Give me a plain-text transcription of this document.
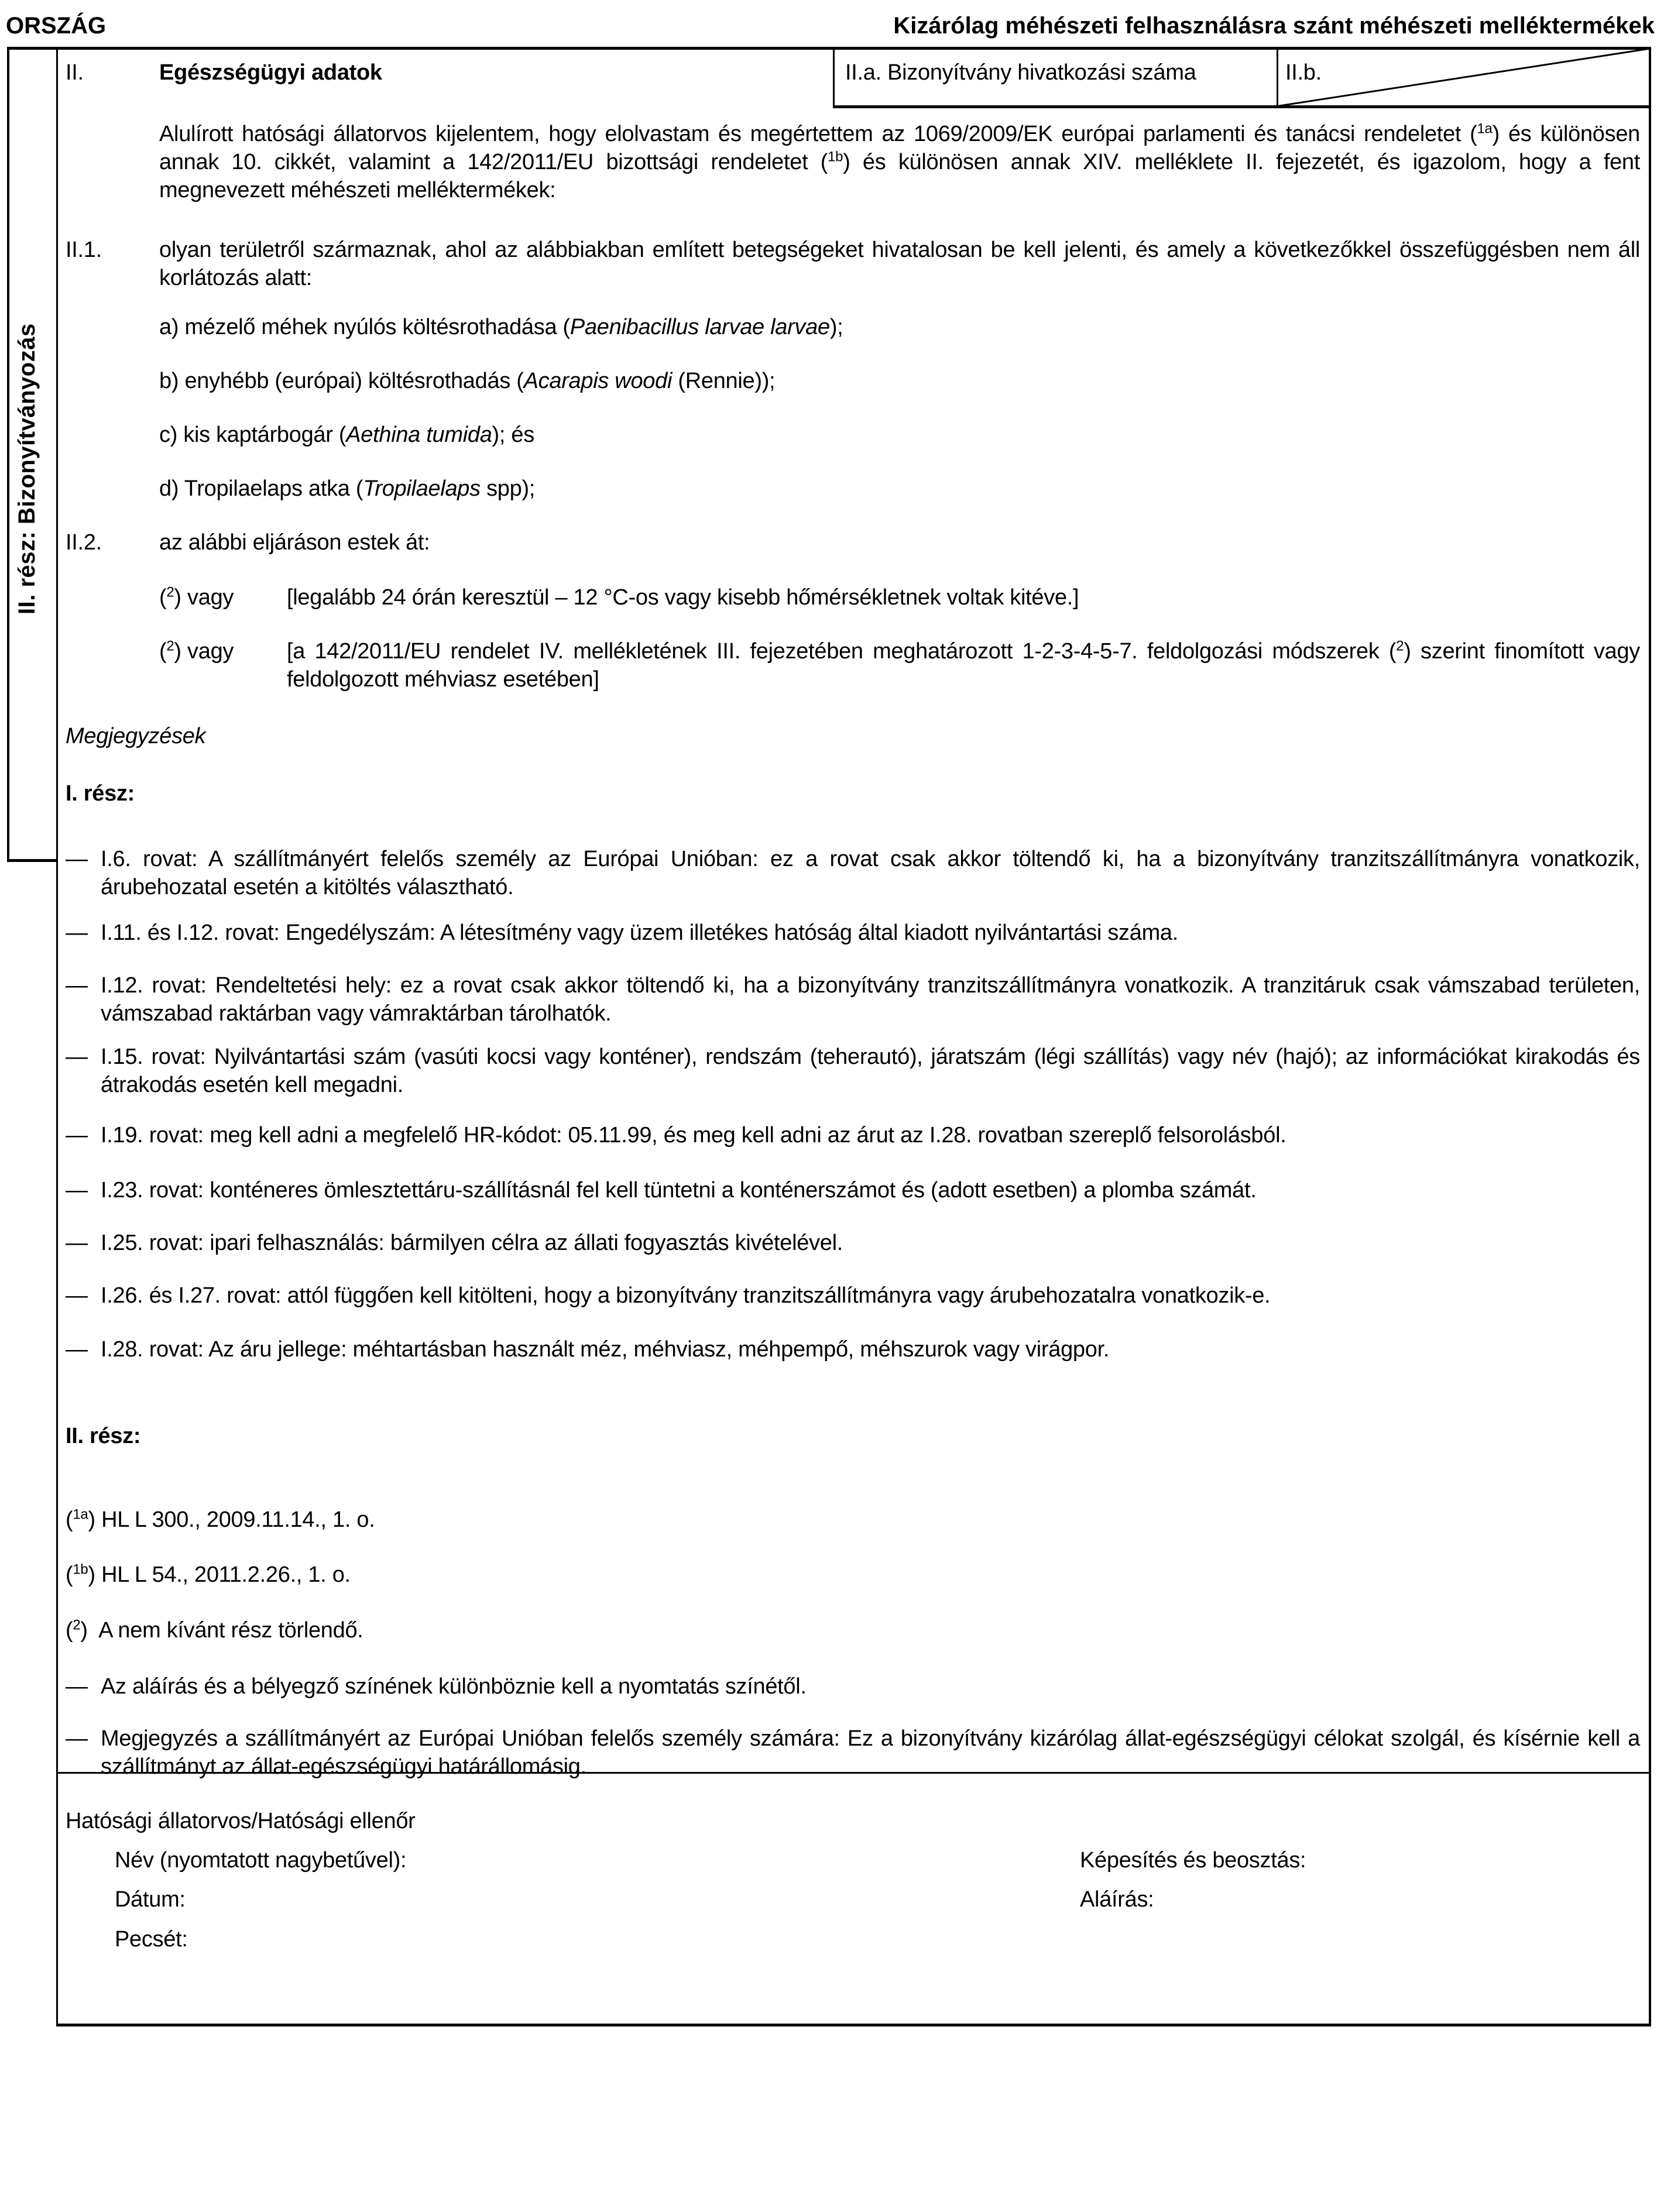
ORSZÁG	Kizárólag méhészeti felhasználásra szánt méhészeti melléktermékek
II. rész: Bizonyítványozás
II.	Egészségügyi adatok	II.a. Bizonyítvány hivatkozási száma	II.b.
Alulírott hatósági állatorvos kijelentem, hogy elolvastam és megértettem az 1069/2009/EK európai parlamenti és tanácsi rendeletet ($^{1a}$) és különösen annak 10. cikkét, valamint a 142/2011/EU bizottsági rendeletet ($^{1b}$) és különösen annak XIV. melléklete II. fejezetét, és igazolom, hogy a fent megnevezett méhészeti melléktermékek:
II.1.	olyan területről származnak, ahol az alábbiakban említett betegségeket hivatalosan be kell jelenti, és amely a következőkkel összefüggésben nem áll korlátozás alatt:
a) mézelő méhek nyúlós költésrothadása (Paenibacillus larvae larvae);
b) enyhébb (európai) költésrothadás (Acarapis woodi (Rennie));
c) kis kaptárbogár (Aethina tumida); és
d) Tropilaelaps atka (Tropilaelaps spp);
II.2.	az alábbi eljáráson estek át:
($^2$) vagy [legalább 24 órán keresztül – 12 °C-os vagy kisebb hőmérsékletnek voltak kitéve.]
($^2$) vagy [a 142/2011/EU rendelet IV. mellékletének III. fejezetében meghatározott 1-2-3-4-5-7. feldolgozási módszerek ($^2$) szerint finomított vagy feldolgozott méhviasz esetében]
Megjegyzések
I. rész:
— I.6. rovat: A szállítmányért felelős személy az Európai Unióban: ez a rovat csak akkor töltendő ki, ha a bizonyítvány tranzitszállítmányra vonatkozik, árubehozatal esetén a kitöltés választható.
— I.11. és I.12. rovat: Engedélyszám: A létesítmény vagy üzem illetékes hatóság által kiadott nyilvántartási száma.
— I.12. rovat: Rendeltetési hely: ez a rovat csak akkor töltendő ki, ha a bizonyítvány tranzitszállítmányra vonatkozik. A tranzitáruk csak vámszabad területen, vámszabad raktárban vagy vámraktárban tárolhatók.
— I.15. rovat: Nyilvántartási szám (vasúti kocsi vagy konténer), rendszám (teherautó), járatszám (légi szállítás) vagy név (hajó); az információkat kirakodás és átrakodás esetén kell megadni.
— I.19. rovat: meg kell adni a megfelelő HR-kódot: 05.11.99, és meg kell adni az árut az I.28. rovatban szereplő felsorolásból.
— I.23. rovat: konténeres ömlesztettáru-szállításnál fel kell tüntetni a konténerszámot és (adott esetben) a plomba számát.
— I.25. rovat: ipari felhasználás: bármilyen célra az állati fogyasztás kivételével.
— I.26. és I.27. rovat: attól függően kell kitölteni, hogy a bizonyítvány tranzitszállítmányra vagy árubehozatalra vonatkozik-e.
— I.28. rovat: Az áru jellege: méhtartásban használt méz, méhviasz, méhpempő, méhszurok vagy virágpor.
II. rész:
($^{1a}$) HL L 300., 2009.11.14., 1. o.
($^{1b}$) HL L 54., 2011.2.26., 1. o.
($^2$)  A nem kívánt rész törlendő.
— Az aláírás és a bélyegző színének különböznie kell a nyomtatás színétől.
— Megjegyzés a szállítmányért az Európai Unióban felelős személy számára: Ez a bizonyítvány kizárólag állat-egészségügyi célokat szolgál, és kísérnie kell a szállítmányt az állat-egészségügyi határállomásig.
Hatósági állatorvos/Hatósági ellenőr
Név (nyomtatott nagybetűvel):	Képesítés és beosztás:
Dátum:	Aláírás:
Pecsét:
